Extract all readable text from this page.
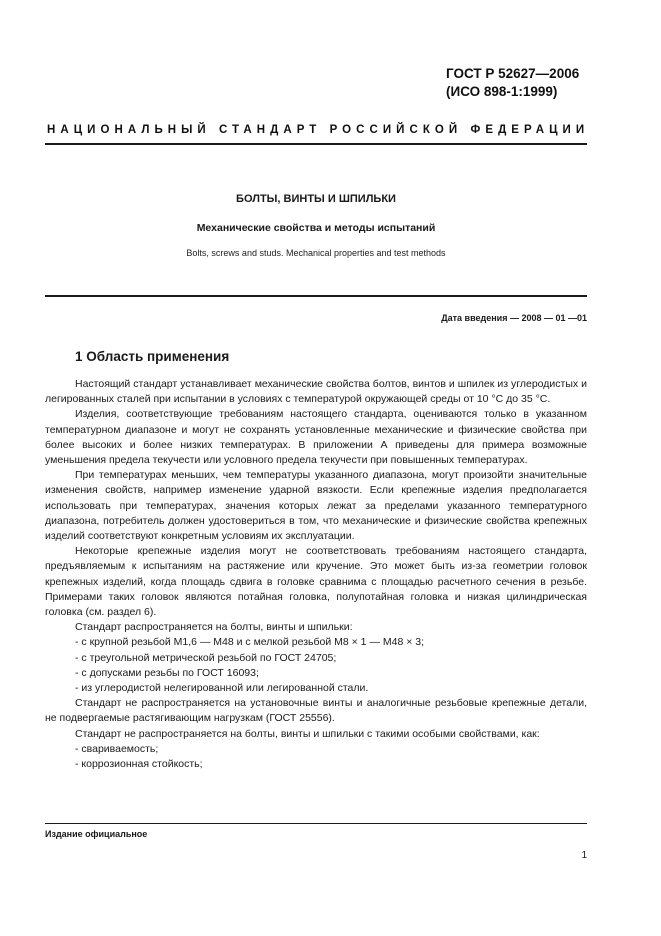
ГОСТ Р 52627—2006
(ИСО 898-1:1999)
НАЦИОНАЛЬНЫЙ СТАНДАРТ РОССИЙСКОЙ ФЕДЕРАЦИИ
БОЛТЫ, ВИНТЫ И ШПИЛЬКИ
Механические свойства и методы испытаний
Bolts, screws and studs. Mechanical properties and test methods
Дата введения — 2008 — 01 —01
1 Область применения

Настоящий стандарт устанавливает механические свойства болтов, винтов и шпилек из углеродистых и легированных сталей при испытании в условиях с температурой окружающей среды от 10 °С до 35 °С.

Изделия, соответствующие требованиям настоящего стандарта, оцениваются только в указанном температурном диапазоне и могут не сохранять установленные механические и физические свойства при более высоких и более низких температурах. В приложении А приведены для примера возможные уменьшения предела текучести или условного предела текучести при повышенных температурах.

При температурах меньших, чем температуры указанного диапазона, могут произойти значительные изменения свойств, например изменение ударной вязкости. Если крепежные изделия предполагается использовать при температурах, значения которых лежат за пределами указанного температурного диапазона, потребитель должен удостовериться в том, что механические и физические свойства крепежных изделий соответствуют конкретным условиям их эксплуатации.

Некоторые крепежные изделия могут не соответствовать требованиям настоящего стандарта, предъявляемым к испытаниям на растяжение или кручение. Это может быть из-за геометрии головок крепежных изделий, когда площадь сдвига в головке сравнима с площадью расчетного сечения в резьбе. Примерами таких головок являются потайная головка, полупотайная головка и низкая цилиндрическая головка (см. раздел 6).

Стандарт распространяется на болты, винты и шпильки:

- с крупной резьбой М1,6 — М48 и с мелкой резьбой М8 × 1 — М48 × 3;
- с треугольной метрической резьбой по ГОСТ 24705;
- с допусками резьбы по ГОСТ 16093;
- из углеродистой нелегированной или легированной стали.

Стандарт не распространяется на установочные винты и аналогичные резьбовые крепежные детали, не подвергаемые растягивающим нагрузкам (ГОСТ 25556).

Стандарт не распространяется на болты, винты и шпильки с такими особыми свойствами, как:

- свариваемость;
- коррозионная стойкость;
Издание официальное
1
